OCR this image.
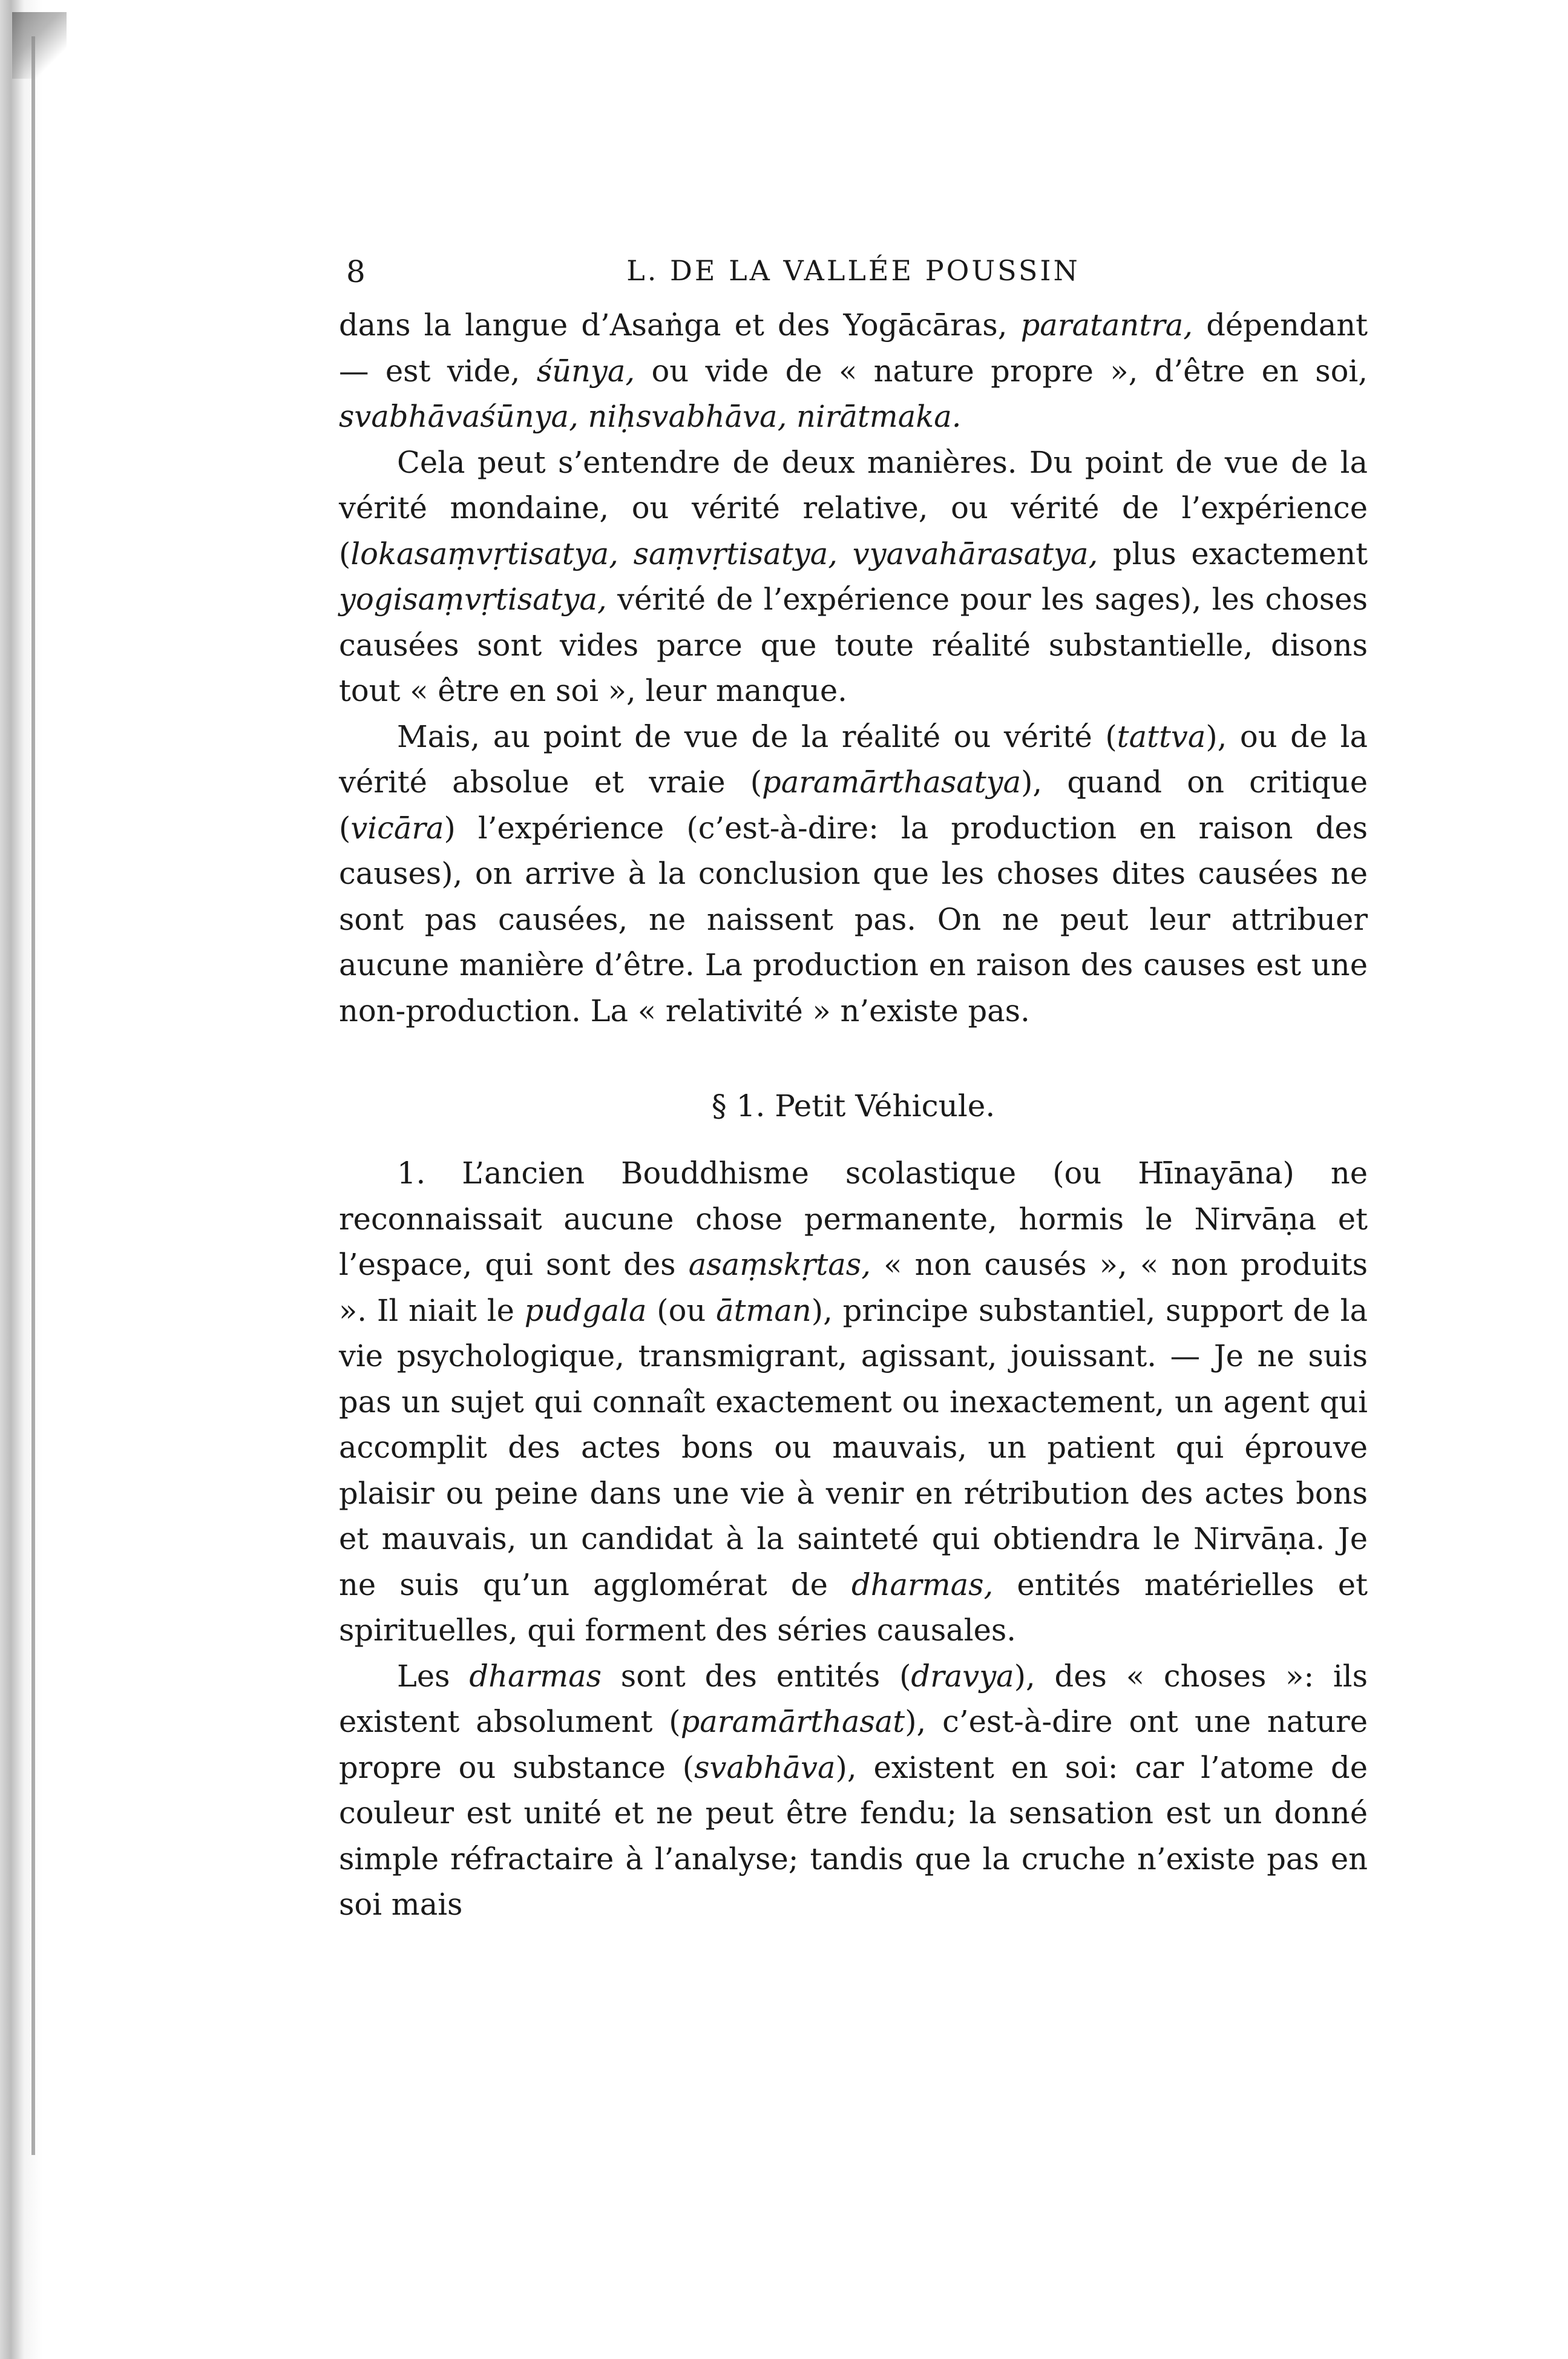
8	L. DE LA VALLÉE POUSSIN

dans la langue d’Asaṅga et des Yogācāras, paratantra, dépendant — est vide, śūnya, ou vide de « nature propre », d’être en soi, svabhāvaśūnya, niḥsvabhāva, nirātmaka.

Cela peut s’entendre de deux manières. Du point de vue de la vérité mondaine, ou vérité relative, ou vérité de l’expérience (lokasaṃvṛtisatya, saṃvṛtisatya, vyavahārasatya, plus exactement yogisaṃvṛtisatya, vérité de l’expérience pour les sages), les choses causées sont vides parce que toute réalité substantielle, disons tout « être en soi », leur manque.

Mais, au point de vue de la réalité ou vérité (tattva), ou de la vérité absolue et vraie (paramārthasatya), quand on critique (vicāra) l’expérience (c’est-à-dire: la production en raison des causes), on arrive à la conclusion que les choses dites causées ne sont pas causées, ne naissent pas. On ne peut leur attribuer aucune manière d’être. La production en raison des causes est une non-production. La « relativité » n’existe pas.

§ 1. Petit Véhicule.

1. L’ancien Bouddhisme scolastique (ou Hīnayāna) ne reconnaissait aucune chose permanente, hormis le Nirvāṇa et l’espace, qui sont des asaṃskṛtas, « non causés », « non produits ». Il niait le pudgala (ou ātman), principe substantiel, support de la vie psychologique, transmigrant, agissant, jouissant. — Je ne suis pas un sujet qui connaît exactement ou inexactement, un agent qui accomplit des actes bons ou mauvais, un patient qui éprouve plaisir ou peine dans une vie à venir en rétribution des actes bons et mauvais, un candidat à la sainteté qui obtiendra le Nirvāṇa. Je ne suis qu’un agglomérat de dharmas, entités matérielles et spirituelles, qui forment des séries causales.

Les dharmas sont des entités (dravya), des « choses »: ils existent absolument (paramārthasat), c’est-à-dire ont une nature propre ou substance (svabhāva), existent en soi: car l’atome de couleur est unité et ne peut être fendu; la sensation est un donné simple réfractaire à l’analyse; tandis que la cruche n’existe pas en soi mais
